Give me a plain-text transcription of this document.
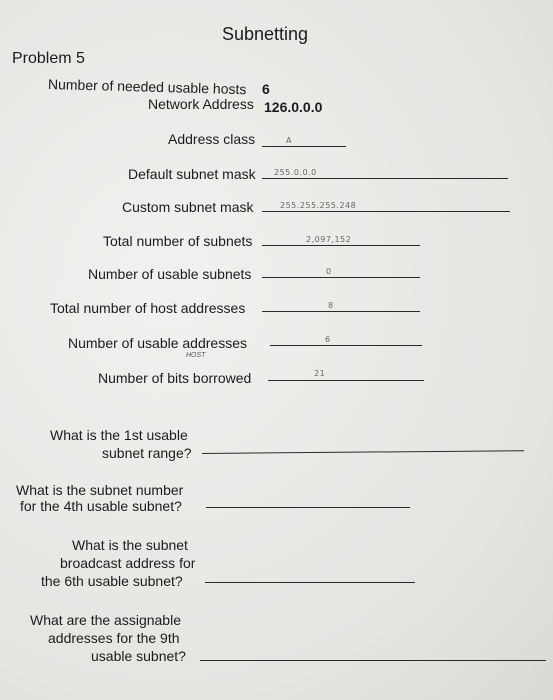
Subnetting
Problem 5
Number of needed usable hosts 6
Network Address 126.0.0.0
Address class	A
Default subnet mask 255.0.0.0
Custom subnet mask	255.255.255.248
Total number of subnets	2,097,152
Number of usable subnets	0
Total number of host addresses	8
Number of usable addresses	6
HOST
Number of bits borrowed	21
What is the 1st usable
subnet range?
What is the subnet number
for the 4th usable subnet?
What is the subnet
broadcast address for
the 6th usable subnet?
What are the assignable
addresses for the 9th
usable subnet?
